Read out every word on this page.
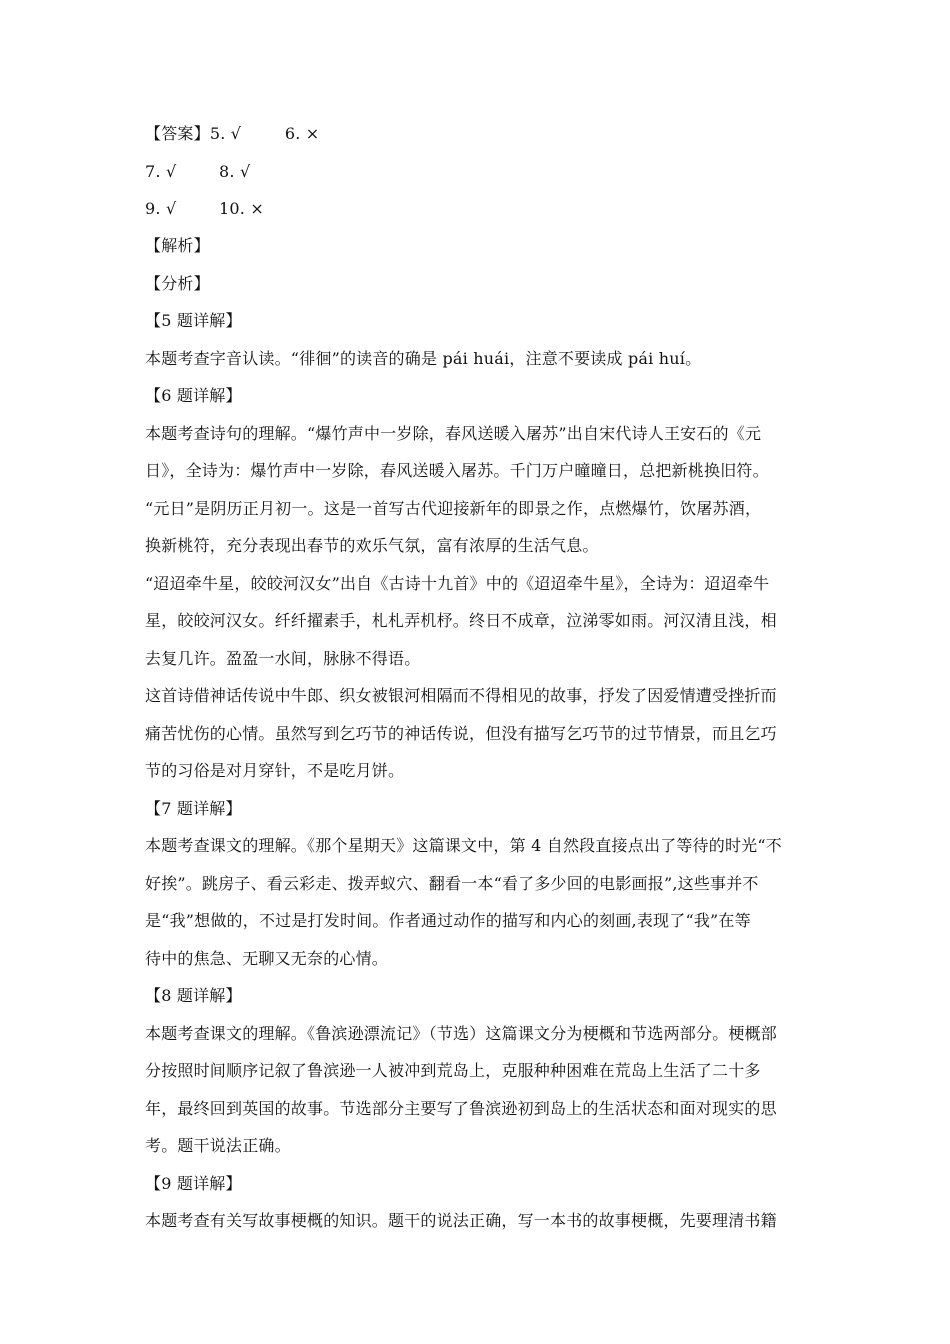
【答案】5. √	6. ×
7. √	8. √
9. √	10. ×
【解析】
【分析】
【5 题详解】
本题考查字音认读。“徘徊”的读音的确是 pái huái，注意不要读成 pái huí。
【6 题详解】
本题考查诗句的理解。“爆竹声中一岁除，春风送暖入屠苏”出自宋代诗人王安石的《元
日》，全诗为：爆竹声中一岁除，春风送暖入屠苏。千门万户曈曈日，总把新桃换旧符。
“元日”是阴历正月初一。这是一首写古代迎接新年的即景之作，点燃爆竹，饮屠苏酒，
换新桃符，充分表现出春节的欢乐气氛，富有浓厚的生活气息。
“迢迢牵牛星，皎皎河汉女”出自《古诗十九首》中的《迢迢牵牛星》，全诗为：迢迢牵牛
星，皎皎河汉女。纤纤擢素手，札札弄机杼。终日不成章，泣涕零如雨。河汉清且浅，相
去复几许。盈盈一水间，脉脉不得语。
这首诗借神话传说中牛郎、织女被银河相隔而不得相见的故事，抒发了因爱情遭受挫折而
痛苦忧伤的心情。虽然写到乞巧节的神话传说，但没有描写乞巧节的过节情景，而且乞巧
节的习俗是对月穿针，不是吃月饼。
【7 题详解】
本题考查课文的理解。《那个星期天》这篇课文中，第 4 自然段直接点出了等待的时光“不
好挨”。跳房子、看云彩走、拨弄蚁穴、翻看一本“看了多少回的电影画报”,这些事并不
是“我”想做的，不过是打发时间。作者通过动作的描写和内心的刻画,表现了“我”在等
待中的焦急、无聊又无奈的心情。
【8 题详解】
本题考查课文的理解。《鲁滨逊漂流记》（节选）这篇课文分为梗概和节选两部分。梗概部
分按照时间顺序记叙了鲁滨逊一人被冲到荒岛上，克服种种困难在荒岛上生活了二十多
年，最终回到英国的故事。节选部分主要写了鲁滨逊初到岛上的生活状态和面对现实的思
考。题干说法正确。
【9 题详解】
本题考查有关写故事梗概的知识。题干的说法正确，写一本书的故事梗概，先要理清书籍
